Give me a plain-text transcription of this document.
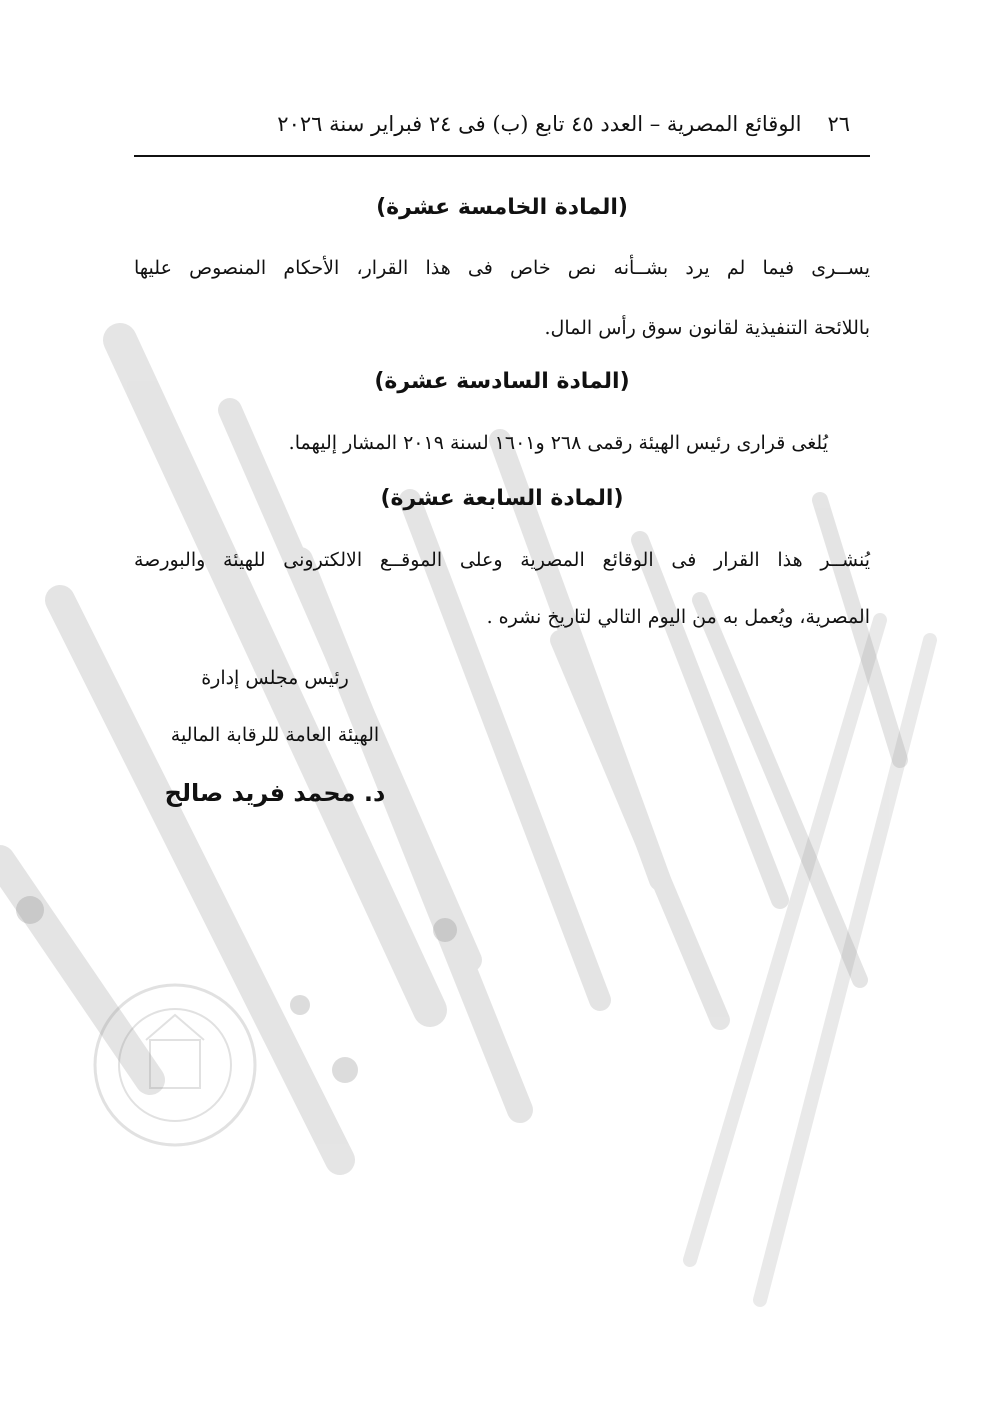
٢٦
الوقائع المصرية – العدد ٤٥ تابع (ب) فى ٢٤ فبراير سنة ٢٠٢٦
(المادة الخامسة عشرة)
يســرى فيما لم يرد بشــأنه نص خاص فى هذا القرار، الأحكام المنصوص عليها
باللائحة التنفيذية لقانون سوق رأس المال.
(المادة السادسة عشرة)
يُلغى قرارى رئيس الهيئة رقمى ٢٦٨ و١٦٠١ لسنة ٢٠١٩ المشار إليهما.
(المادة السابعة عشرة)
يُنشــر هذا القرار فى الوقائع المصرية وعلى الموقــع الالكترونى للهيئة والبورصة
المصرية، ويُعمل به من اليوم التالي لتاريخ نشره .
رئيس مجلس إدارة
الهيئة العامة للرقابة المالية
د. محمد فريد صالح
